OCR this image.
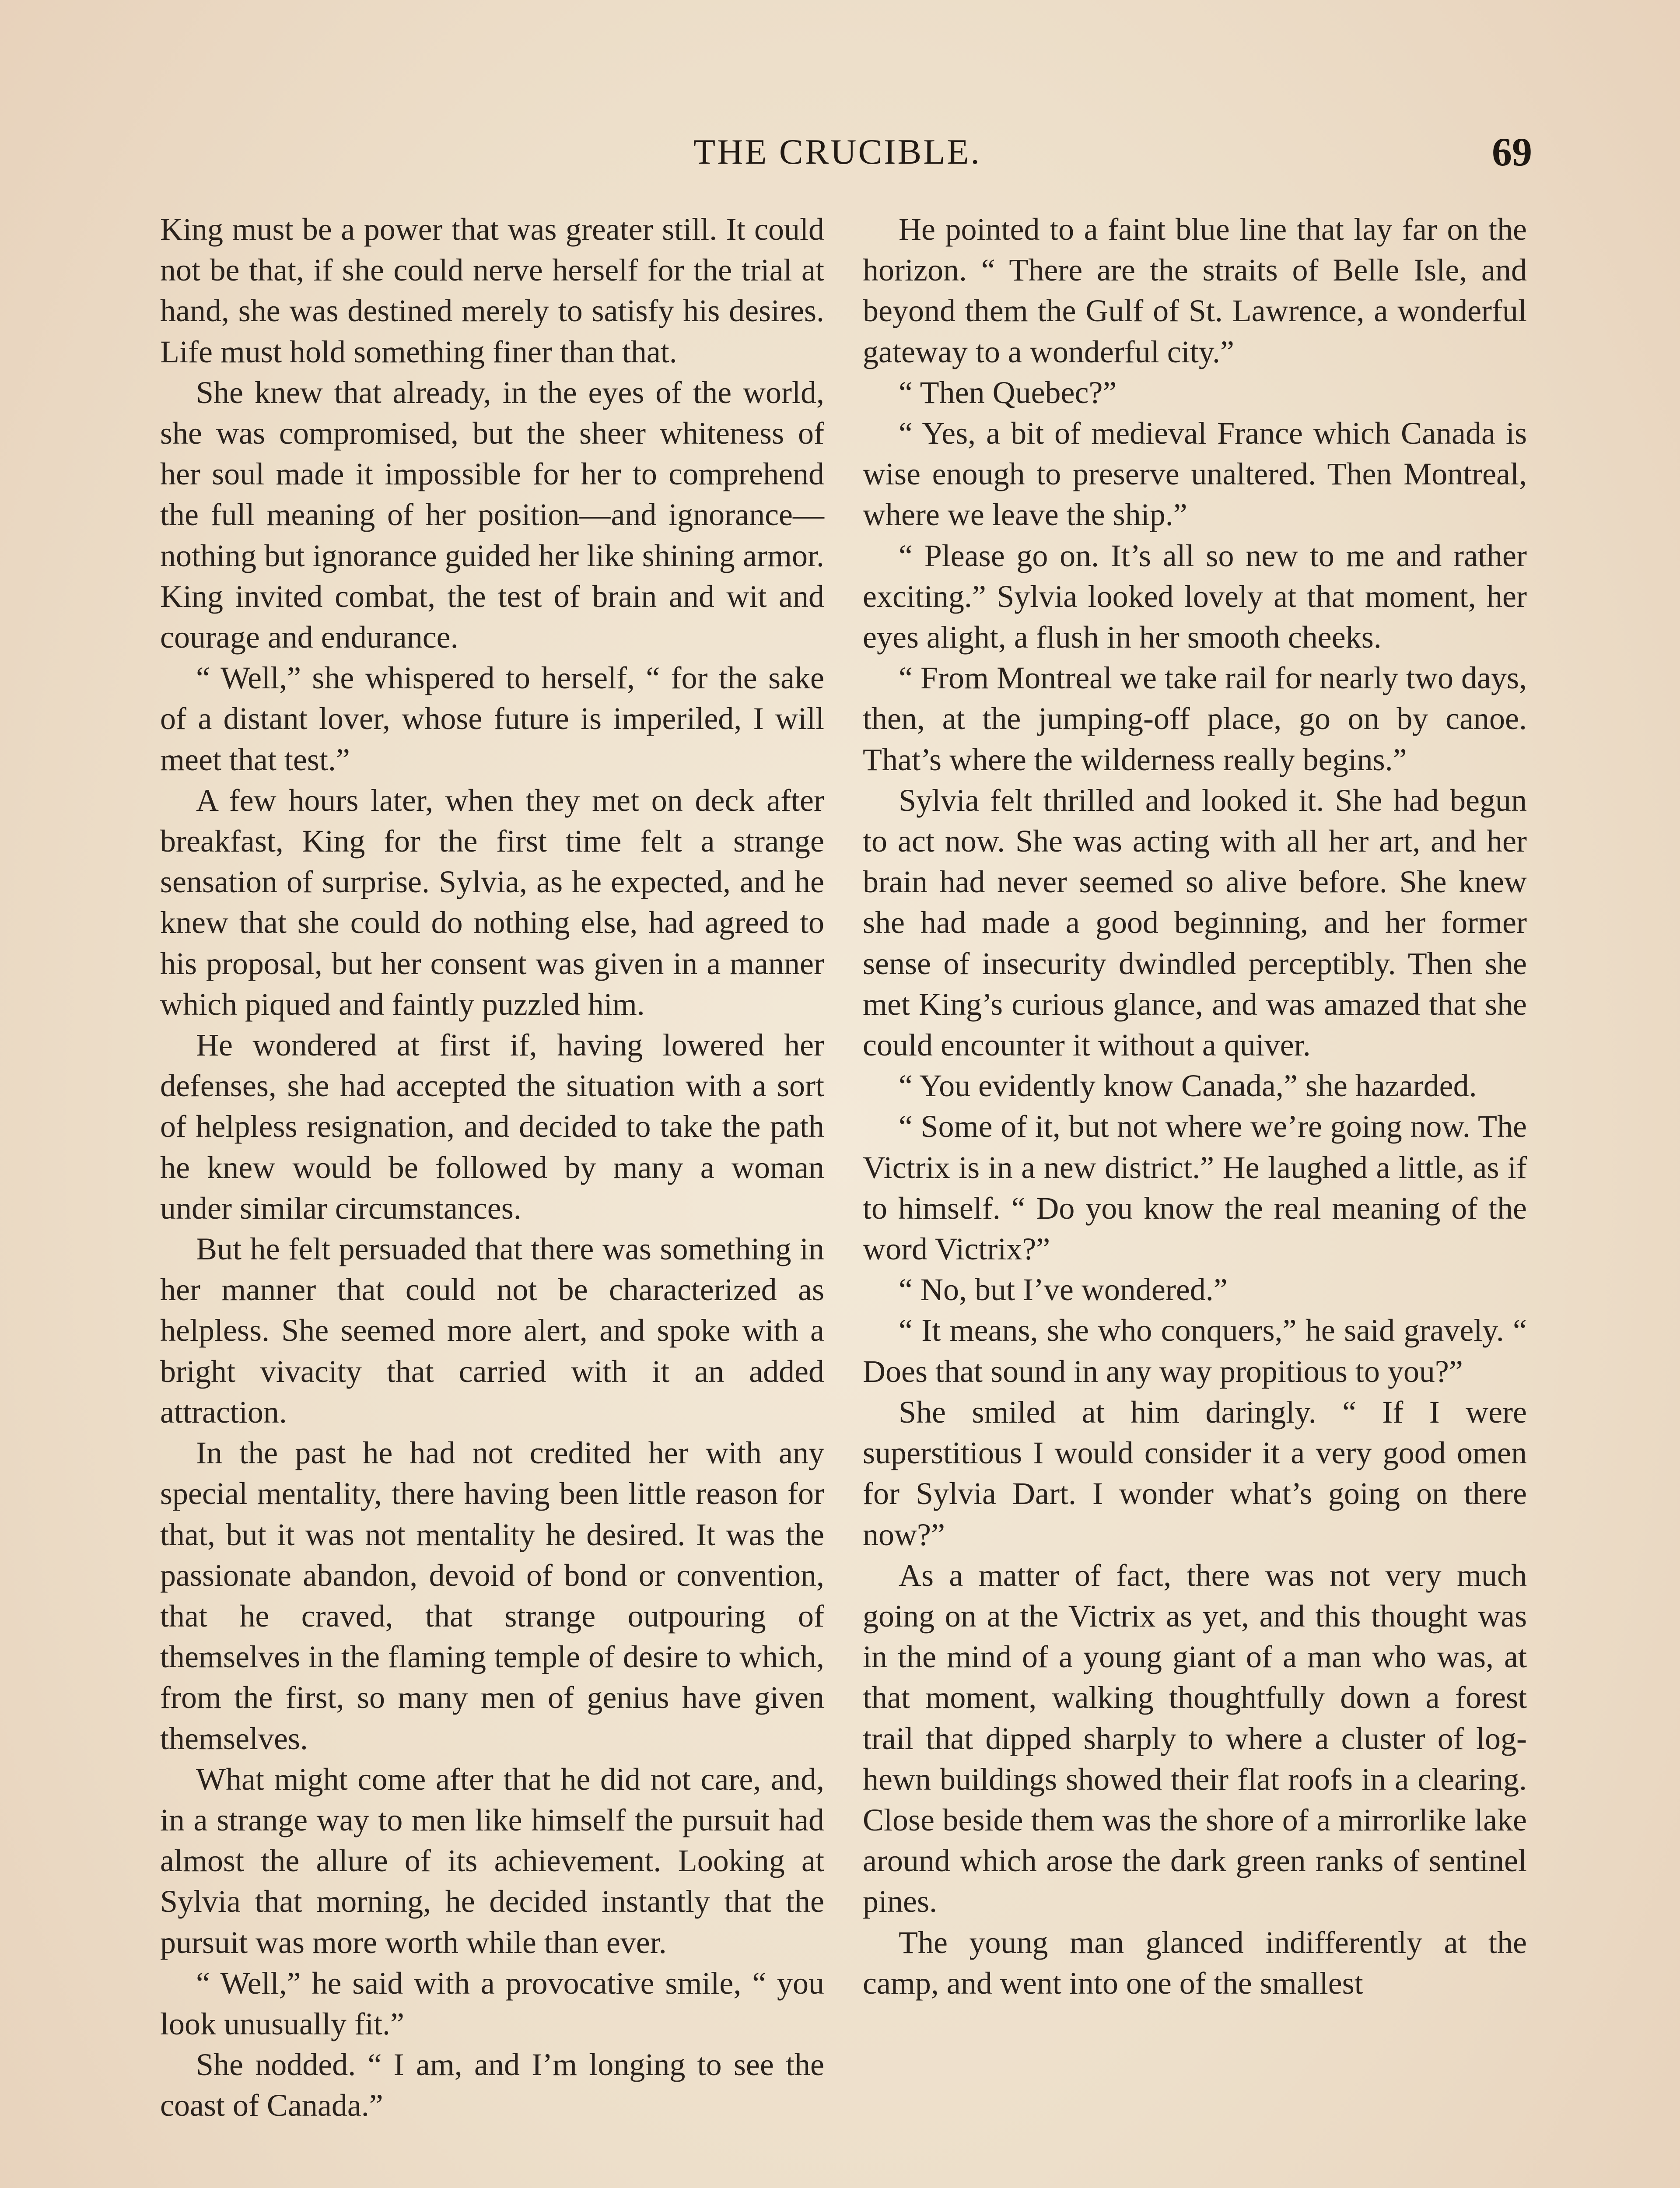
THE CRUCIBLE.	69

King must be a power that was greater still. It could not be that, if she could nerve herself for the trial at hand, she was destined merely to satisfy his desires. Life must hold something finer than that.

She knew that already, in the eyes of the world, she was compromised, but the sheer whiteness of her soul made it impossible for her to comprehend the full meaning of her position—and ignorance—nothing but ignorance guided her like shining armor. King invited combat, the test of brain and wit and courage and endurance.

“ Well,” she whispered to herself, “ for the sake of a distant lover, whose future is imperiled, I will meet that test.”

A few hours later, when they met on deck after breakfast, King for the first time felt a strange sensation of surprise. Sylvia, as he expected, and he knew that she could do nothing else, had agreed to his proposal, but her consent was given in a manner which piqued and faintly puzzled him.

He wondered at first if, having lowered her defenses, she had accepted the situation with a sort of helpless resignation, and decided to take the path he knew would be followed by many a woman under similar circumstances.

But he felt persuaded that there was something in her manner that could not be characterized as helpless. She seemed more alert, and spoke with a bright vivacity that carried with it an added attraction.

In the past he had not credited her with any special mentality, there having been little reason for that, but it was not mentality he desired. It was the passionate abandon, devoid of bond or convention, that he craved, that strange outpouring of themselves in the flaming temple of desire to which, from the first, so many men of genius have given themselves.

What might come after that he did not care, and, in a strange way to men like himself the pursuit had almost the allure of its achievement. Looking at Sylvia that morning, he decided instantly that the pursuit was more worth while than ever.

“ Well,” he said with a provocative smile, “ you look unusually fit.”

She nodded. “ I am, and I’m longing to see the coast of Canada.”

He pointed to a faint blue line that lay far on the horizon. “ There are the straits of Belle Isle, and beyond them the Gulf of St. Lawrence, a wonderful gateway to a wonderful city.”

“ Then Quebec?”

“ Yes, a bit of medieval France which Canada is wise enough to preserve unaltered. Then Montreal, where we leave the ship.”

“ Please go on. It’s all so new to me and rather exciting.” Sylvia looked lovely at that moment, her eyes alight, a flush in her smooth cheeks.

“ From Montreal we take rail for nearly two days, then, at the jumping-off place, go on by canoe. That’s where the wilderness really begins.”

Sylvia felt thrilled and looked it. She had begun to act now. She was acting with all her art, and her brain had never seemed so alive before. She knew she had made a good beginning, and her former sense of insecurity dwindled perceptibly. Then she met King’s curious glance, and was amazed that she could encounter it without a quiver.

“ You evidently know Canada,” she hazarded.

“ Some of it, but not where we’re going now. The Victrix is in a new district.” He laughed a little, as if to himself. “ Do you know the real meaning of the word Victrix?”

“ No, but I’ve wondered.”

“ It means, she who conquers,” he said gravely. “ Does that sound in any way propitious to you?”

She smiled at him daringly. “ If I were superstitious I would consider it a very good omen for Sylvia Dart. I wonder what’s going on there now?”

As a matter of fact, there was not very much going on at the Victrix as yet, and this thought was in the mind of a young giant of a man who was, at that moment, walking thoughtfully down a forest trail that dipped sharply to where a cluster of log-hewn buildings showed their flat roofs in a clearing. Close beside them was the shore of a mirrorlike lake around which arose the dark green ranks of sentinel pines.

The young man glanced indifferently at the camp, and went into one of the smallest
